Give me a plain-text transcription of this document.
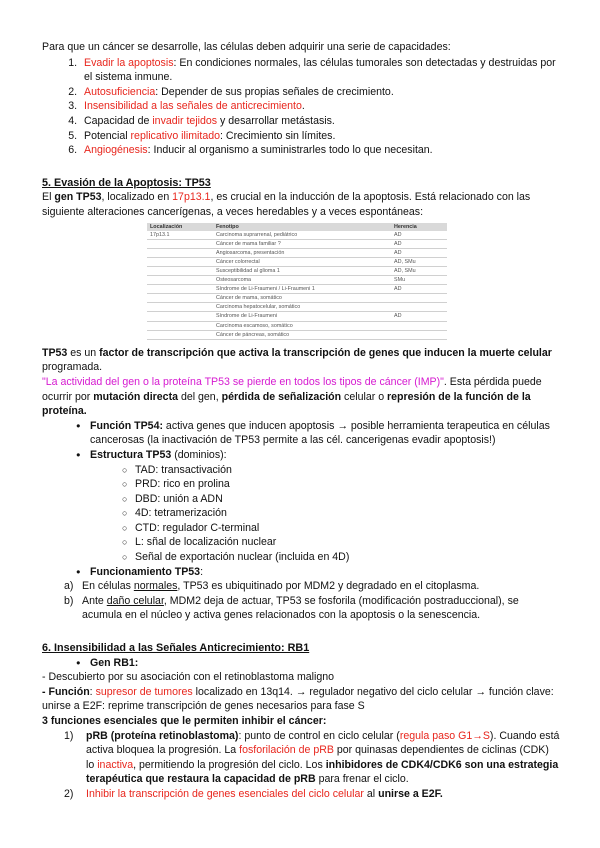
Para que un cáncer se desarrolle, las células deben adquirir una serie de capacidades:

1. Evadir la apoptosis: En condiciones normales, las células tumorales son detectadas y destruidas por el sistema inmune.
2. Autosuficiencia: Depender de sus propias señales de crecimiento.
3. Insensibilidad a las señales de anticrecimiento.
4. Capacidad de invadir tejidos y desarrollar metástasis.
5. Potencial replicativo ilimitado: Crecimiento sin límites.
6. Angiogénesis: Inducir al organismo a suministrarles todo lo que necesitan.
5. Evasión de la Apoptosis: TP53

El gen TP53, localizado en 17p13.1, es crucial en la inducción de la apoptosis. Está relacionado con las siguiente alteraciones cancerígenas, a veces heredables y a veces espontáneas:

Localización	Fenotipo	Herencia
17p13.1	Carcinoma suprarrenal, pediátrico	AD
	Cáncer de mama familiar ?	AD
	Angiosarcoma, presentación	AD
	Cáncer colorrectal	AD, SMu
	Susceptibilidad al glioma 1	AD, SMu
	Osteosarcoma	SMu
	Síndrome de Li-Fraumeni / Li-Fraumeni 1	AD
	Cáncer de mama, somático	
	Carcinoma hepatocelular, somático	
	Síndrome de Li-Fraumeni	AD
	Carcinoma escamoso, somático	
	Cáncer de páncreas, somático	

TP53 es un factor de transcripción que activa la transcripción de genes que inducen la muerte celular programada.

"La actividad del gen o la proteína TP53 se pierde en todos los tipos de cáncer (IMP)". Esta pérdida puede ocurrir por mutación directa del gen, pérdida de señalización celular o represión de la función de la proteína.

● Función TP54: activa genes que inducen apoptosis → posible herramienta terapeutica en células cancerosas (la inactivación de TP53 permite a las cél. cancerigenas evadir apoptosis!)
● Estructura TP53 (dominios):
○ TAD: transactivación
○ PRD: rico en prolina
○ DBD: unión a ADN
○ 4D: tetramerización
○ CTD: regulador C-terminal
○ L: sñal de localización nuclear
○ Señal de exportación nuclear (incluida en 4D)
● Funcionamiento TP53:
a) En células normales, TP53 es ubiquitinado por MDM2 y degradado en el citoplasma.
b) Ante daño celular, MDM2 deja de actuar, TP53 se fosforila (modificación postraduccional), se acumula en el núcleo y activa genes relacionados con la apoptosis o la senescencia.
6. Insensibilidad a las Señales Anticrecimiento: RB1
● Gen RB1:

- Descubierto por su asociación con el retinoblastoma maligno

- Función: supresor de tumores localizado en 13q14. → regulador negativo del ciclo celular → función clave: unirse a E2F: reprime transcripción de genes necesarios para fase S

3 funciones esenciales que le permiten inhibir el cáncer:

1) pRB (proteína retinoblastoma): punto de control en ciclo celular (regula paso G1→S). Cuando está activa bloquea la progresión. La fosforilación de pRB por quinasas dependientes de ciclinas (CDK) lo inactiva, permitiendo la progresión del ciclo. Los inhibidores de CDK4/CDK6 son una estrategia terapéutica que restaura la capacidad de pRB para frenar el ciclo.
2) Inhibir la transcripción de genes esenciales del ciclo celular al unirse a E2F.
